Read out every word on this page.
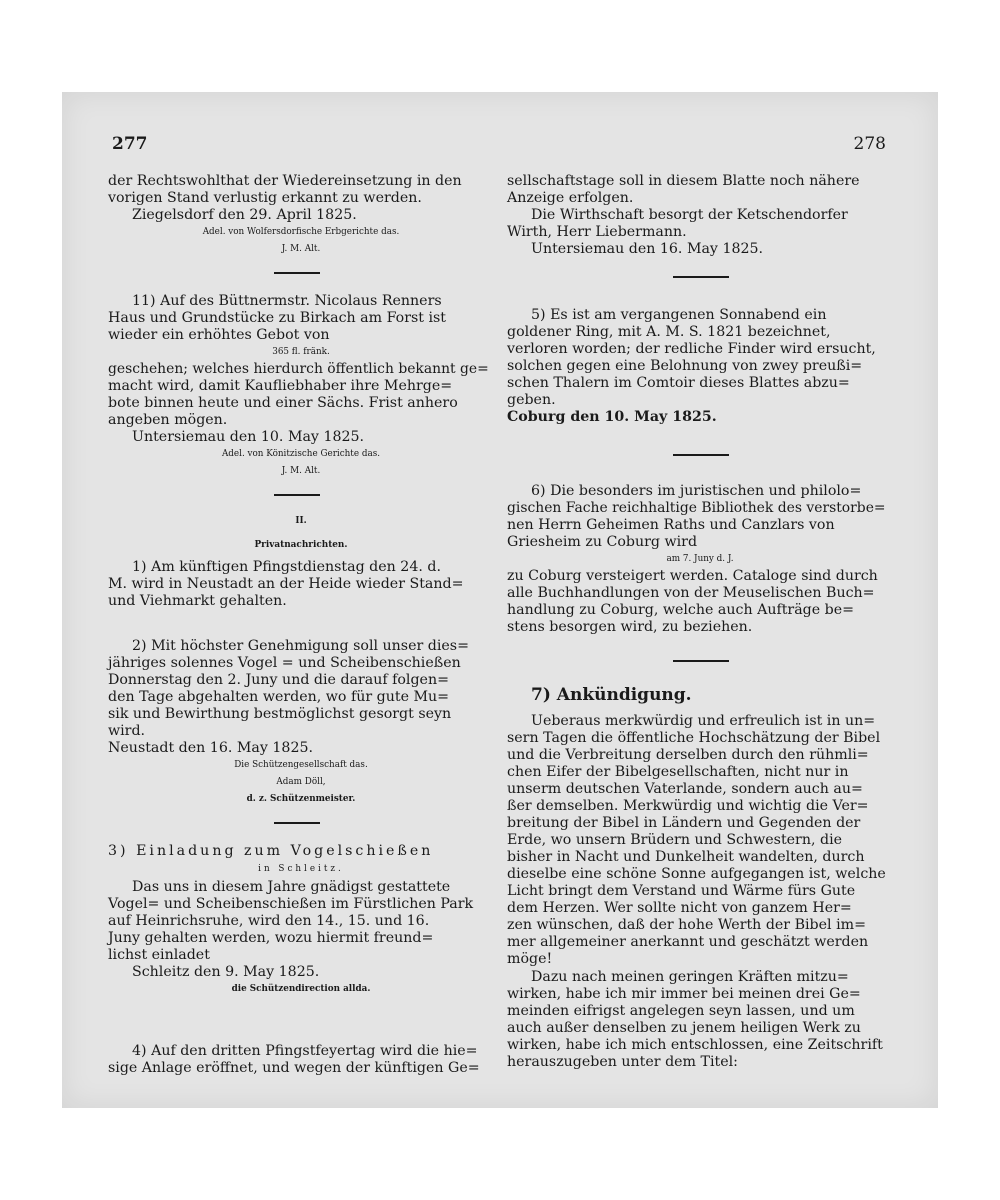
277	278
der Rechtswohlthat der Wiedereinsetzung in den
vorigen Stand verlustig erkannt zu werden.
Ziegelsdorf den 29. April 1825.
Adel. von Wolfersdorfische Erbgerichte das.
J. M. Alt.
11) Auf des Büttnermstr. Nicolaus Renners
Haus und Grundstücke zu Birkach am Forst ist
wieder ein erhöhtes Gebot von
365 fl. fränk.
geschehen; welches hierdurch öffentlich bekannt ge=
macht wird, damit Kaufliebhaber ihre Mehrge=
bote binnen heute und einer Sächs. Frist anhero
angeben mögen.
Untersiemau den 10. May 1825.
Adel. von Könitzische Gerichte das.
J. M. Alt.
II.
Privatnachrichten.
1) Am künftigen Pfingstdienstag den 24. d.
M. wird in Neustadt an der Heide wieder Stand=
und Viehmarkt gehalten.
2) Mit höchster Genehmigung soll unser dies=
jähriges solennes Vogel = und Scheibenschießen
Donnerstag den 2. Juny und die darauf folgen=
den Tage abgehalten werden, wo für gute Mu=
sik und Bewirthung bestmöglichst gesorgt seyn
wird.
Neustadt den 16. May 1825.
Die Schützengesellschaft das.
Adam Döll,
d. z. Schützenmeister.
3) Einladung zum Vogelschießen
in Schleitz.
Das uns in diesem Jahre gnädigst gestattete
Vogel= und Scheibenschießen im Fürstlichen Park
auf Heinrichsruhe, wird den 14., 15. und 16.
Juny gehalten werden, wozu hiermit freund=
lichst einladet
Schleitz den 9. May 1825.
die Schützendirection allda.
4) Auf den dritten Pfingstfeyertag wird die hie=
sige Anlage eröffnet, und wegen der künftigen Ge=
sellschaftstage soll in diesem Blatte noch nähere
Anzeige erfolgen.
Die Wirthschaft besorgt der Ketschendorfer
Wirth, Herr Liebermann.
Untersiemau den 16. May 1825.
5) Es ist am vergangenen Sonnabend ein
goldener Ring, mit A. M. S. 1821 bezeichnet,
verloren worden; der redliche Finder wird ersucht,
solchen gegen eine Belohnung von zwey preußi=
schen Thalern im Comtoir dieses Blattes abzu=
geben.
Coburg den 10. May 1825.
6) Die besonders im juristischen und philolo=
gischen Fache reichhaltige Bibliothek des verstorbe=
nen Herrn Geheimen Raths und Canzlars von
Griesheim zu Coburg wird
am 7. Juny d. J.
zu Coburg versteigert werden. Cataloge sind durch
alle Buchhandlungen von der Meuselischen Buch=
handlung zu Coburg, welche auch Aufträge be=
stens besorgen wird, zu beziehen.
7) Ankündigung.
Ueberaus merkwürdig und erfreulich ist in un=
sern Tagen die öffentliche Hochschätzung der Bibel
und die Verbreitung derselben durch den rühmli=
chen Eifer der Bibelgesellschaften, nicht nur in
unserm deutschen Vaterlande, sondern auch au=
ßer demselben. Merkwürdig und wichtig die Ver=
breitung der Bibel in Ländern und Gegenden der
Erde, wo unsern Brüdern und Schwestern, die
bisher in Nacht und Dunkelheit wandelten, durch
dieselbe eine schöne Sonne aufgegangen ist, welche
Licht bringt dem Verstand und Wärme fürs Gute
dem Herzen. Wer sollte nicht von ganzem Her=
zen wünschen, daß der hohe Werth der Bibel im=
mer allgemeiner anerkannt und geschätzt werden
möge!
Dazu nach meinen geringen Kräften mitzu=
wirken, habe ich mir immer bei meinen drei Ge=
meinden eifrigst angelegen seyn lassen, und um
auch außer denselben zu jenem heiligen Werk zu
wirken, habe ich mich entschlossen, eine Zeitschrift
herauszugeben unter dem Titel:
